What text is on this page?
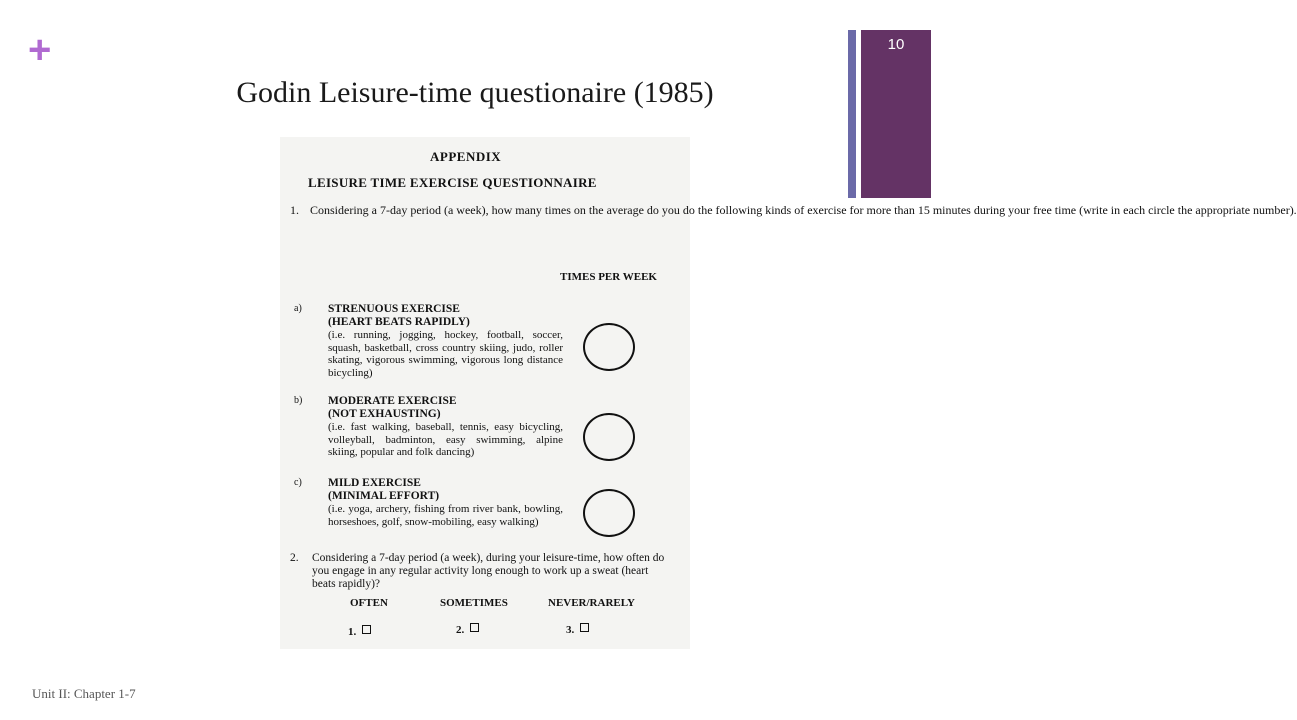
+	10
Godin Leisure-time questionaire (1985)
APPENDIX
LEISURE TIME EXERCISE QUESTIONNAIRE
1. Considering a 7-day period (a week), how many times on the average do you do the following kinds of exercise for more than 15 minutes during your free time (write in each circle the appropriate number).
TIMES PER WEEK
a) STRENUOUS EXERCISE
(HEART BEATS RAPIDLY)
(i.e. running, jogging, hockey, football, soccer, squash, basketball, cross country skiing, judo, roller skating, vigorous swimming, vigorous long distance bicycling)
b) MODERATE EXERCISE
(NOT EXHAUSTING)
(i.e. fast walking, baseball, tennis, easy bicycling, volleyball, badminton, easy swimming, alpine skiing, popular and folk dancing)
c) MILD EXERCISE
(MINIMAL EFFORT)
(i.e. yoga, archery, fishing from river bank, bowling, horseshoes, golf, snow-mobiling, easy walking)
2. Considering a 7-day period (a week), during your leisure-time, how often do you engage in any regular activity long enough to work up a sweat (heart beats rapidly)?
OFTEN	SOMETIMES	NEVER/RARELY
1.	2.	3.
Unit II: Chapter 1-7
